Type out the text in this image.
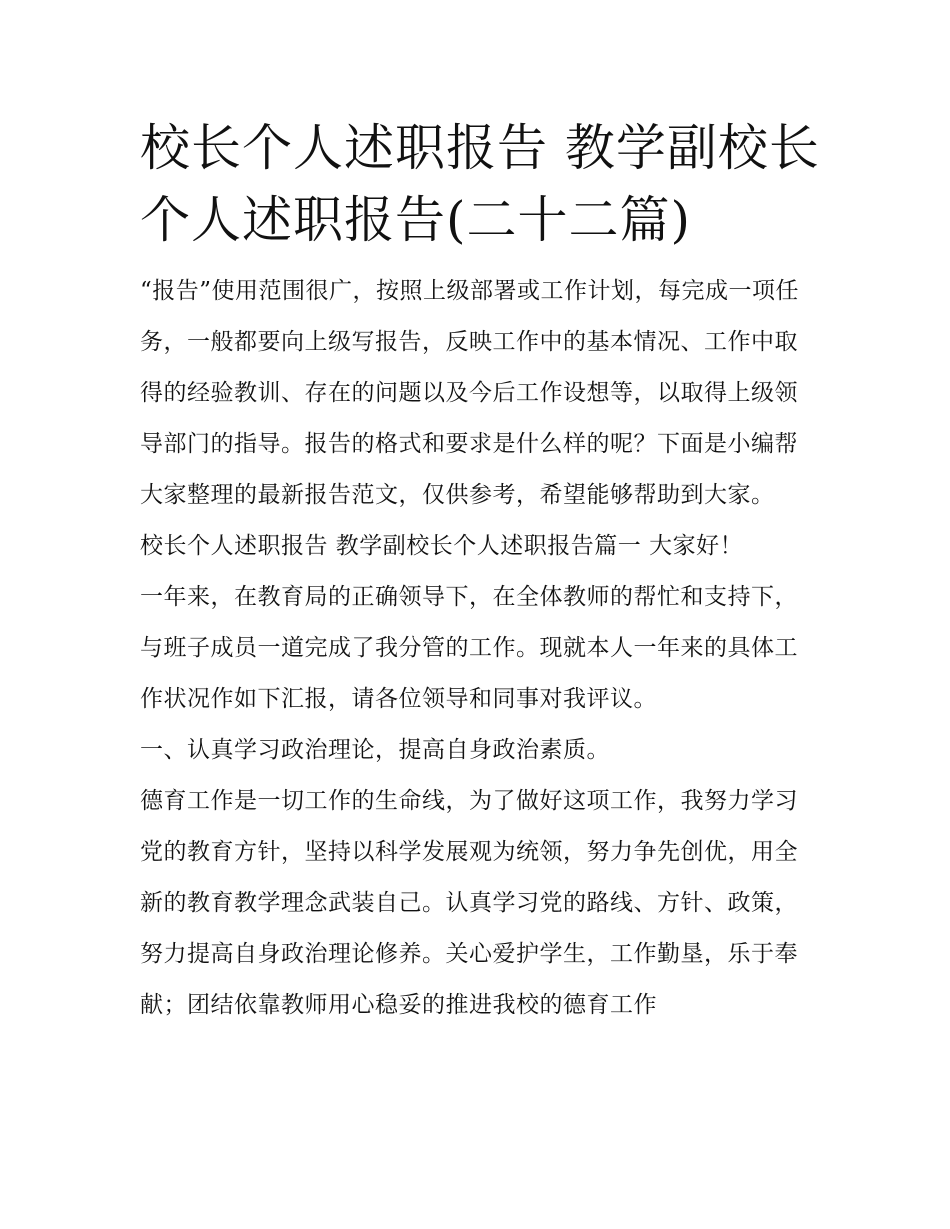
校长个人述职报告 教学副校长个人述职报告(二十二篇)

“报告”使用范围很广，按照上级部署或工作计划，每完成一项任务，一般都要向上级写报告，反映工作中的基本情况、工作中取得的经验教训、存在的问题以及今后工作设想等，以取得上级领导部门的指导。报告的格式和要求是什么样的呢？下面是小编帮大家整理的最新报告范文，仅供参考，希望能够帮助到大家。

校长个人述职报告 教学副校长个人述职报告篇一 大家好！

一年来，在教育局的正确领导下，在全体教师的帮忙和支持下，与班子成员一道完成了我分管的工作。现就本人一年来的具体工作状况作如下汇报，请各位领导和同事对我评议。

一、认真学习政治理论，提高自身政治素质。

德育工作是一切工作的生命线，为了做好这项工作，我努力学习党的教育方针，坚持以科学发展观为统领，努力争先创优，用全新的教育教学理念武装自己。认真学习党的路线、方针、政策，努力提高自身政治理论修养。关心爱护学生，工作勤垦，乐于奉献；团结依靠教师用心稳妥的推进我校的德育工作
